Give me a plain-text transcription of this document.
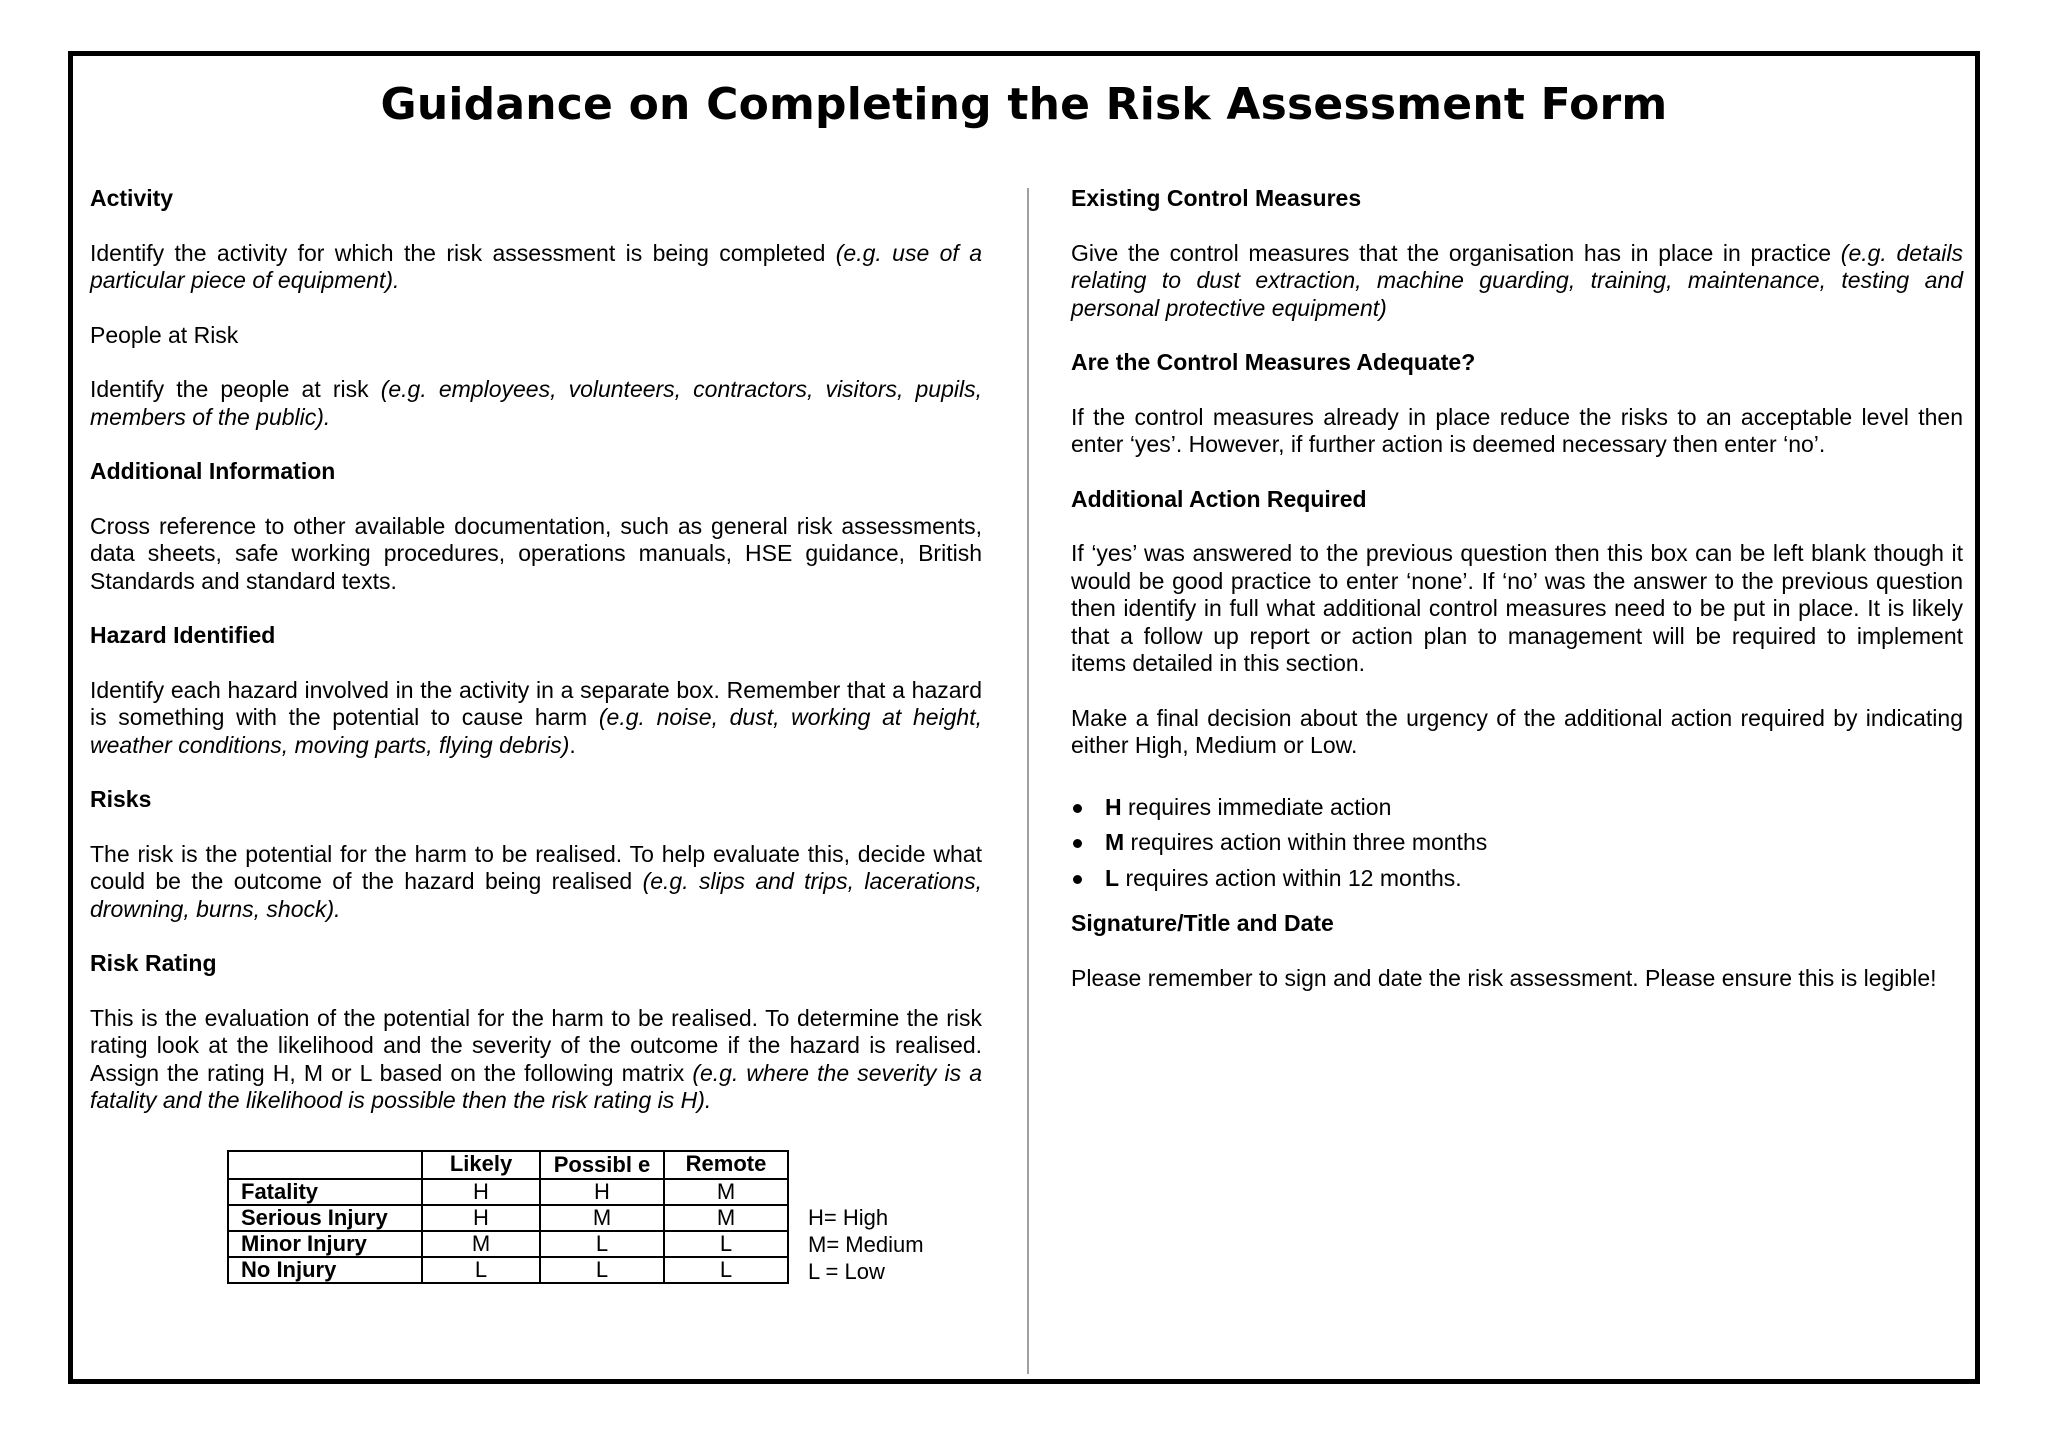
Guidance on Completing the Risk Assessment Form
Activity
Identify the activity for which the risk assessment is being completed (e.g. use of a particular piece of equipment).
People at Risk
Identify the people at risk (e.g. employees, volunteers, contractors, visitors, pupils, members of the public).
Additional Information
Cross reference to other available documentation, such as general risk assessments, data sheets, safe working procedures, operations manuals, HSE guidance, British Standards and standard texts.
Hazard Identified
Identify each hazard involved in the activity in a separate box. Remember that a hazard is something with the potential to cause harm (e.g. noise, dust, working at height, weather conditions, moving parts, flying debris).
Risks
The risk is the potential for the harm to be realised. To help evaluate this, decide what could be the outcome of the hazard being realised (e.g. slips and trips, lacerations, drowning, burns, shock).
Risk Rating
This is the evaluation of the potential for the harm to be realised. To determine the risk rating look at the likelihood and the severity of the outcome if the hazard is realised. Assign the rating H, M or L based on the following matrix (e.g. where the severity is a fatality and the likelihood is possible then the risk rating is H).
	Likely	Possibl e	Remote
Fatality	H	H	M
Serious Injury	H	M	M
Minor Injury	M	L	L
No Injury	L	L	L
H= High
M= Medium
L = Low
Existing Control Measures
Give the control measures that the organisation has in place in practice (e.g. details relating to dust extraction, machine guarding, training, maintenance, testing and personal protective equipment)
Are the Control Measures Adequate?
If the control measures already in place reduce the risks to an acceptable level then enter ‘yes’. However, if further action is deemed necessary then enter ‘no’.
Additional Action Required
If ‘yes’ was answered to the previous question then this box can be left blank though it would be good practice to enter ‘none’. If ‘no’ was the answer to the previous question then identify in full what additional control measures need to be put in place. It is likely that a follow up report or action plan to management will be required to implement items detailed in this section.
Make a final decision about the urgency of the additional action required by indicating either High, Medium or Low.
H requires immediate action
M requires action within three months
L requires action within 12 months.
Signature/Title and Date
Please remember to sign and date the risk assessment. Please ensure this is legible!
